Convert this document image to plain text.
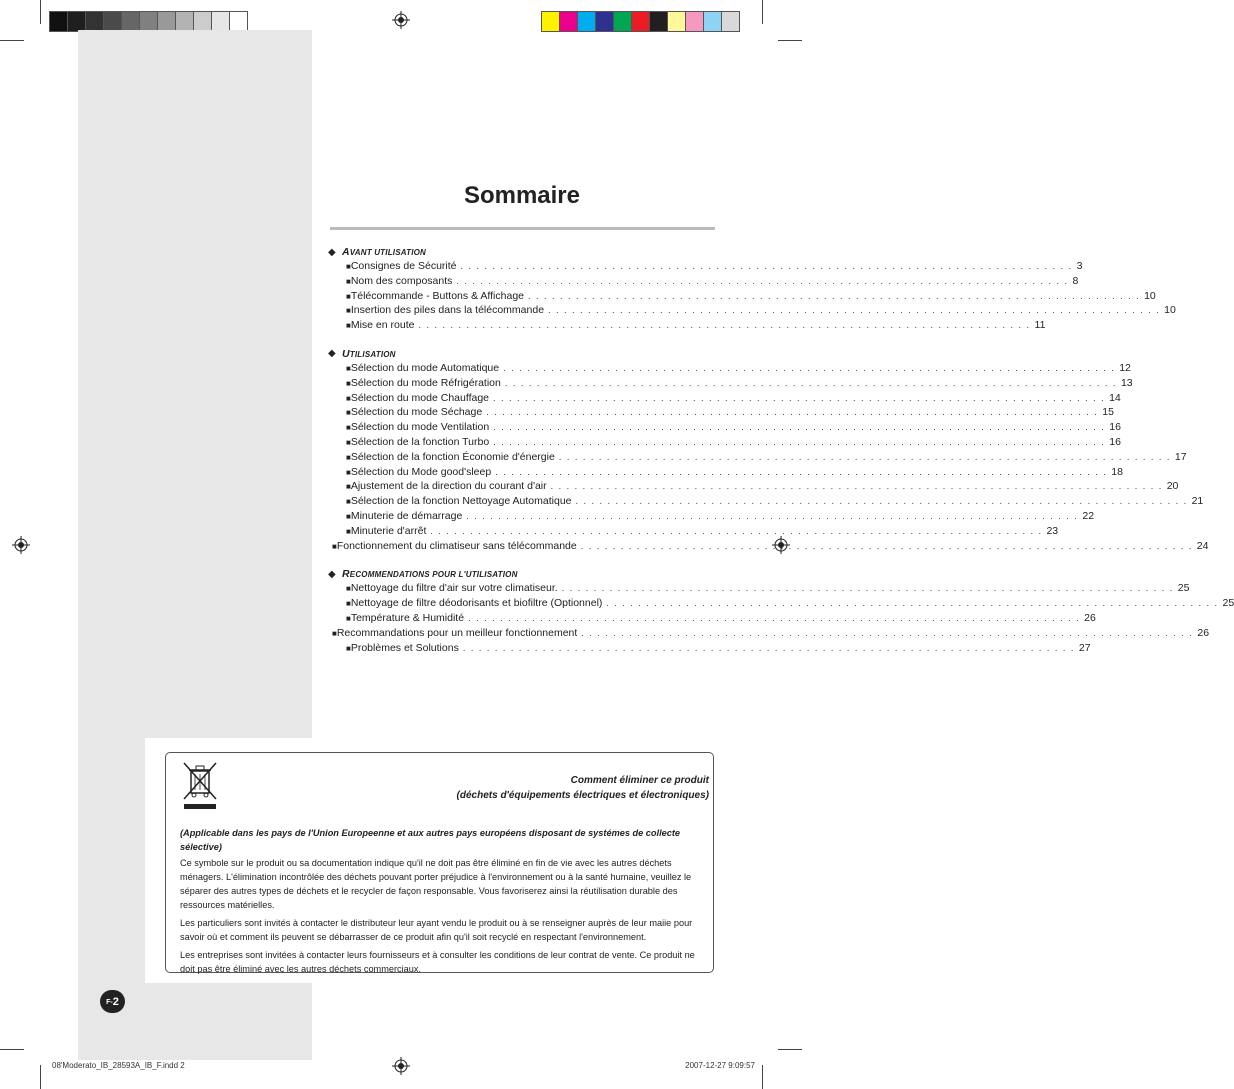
Sommaire
◆ AVANT UTILISATION
■ Consignes de Sécurité . . . . . . . . . . . . . . . . . . . . . . . . . . . . . . . . . . . . . . . . . . . . . . . . . . . . . . . . . . . . . . . . . . . . . . . . . . . . . 3
■ Nom des composants . . . . . . . . . . . . . . . . . . . . . . . . . . . . . . . . . . . . . . . . . . . . . . . . . . . . . . . . . . . . . . . . . . . . . . . . . . . . . 8
■ Télécommande - Buttons & Affichage . . . . . . . . . . . . . . . . . . . . . . . . . . . . . . . . . . . . . . . . . . . . . . . . . . . . . . . . . . . . . . . . . . . . . . . . . . . . . 10
■ Insertion des piles dans la télécommande . . . . . . . . . . . . . . . . . . . . . . . . . . . . . . . . . . . . . . . . . . . . . . . . . . . . . . . . . . . . . . . . . . . . . . . . . . . . . 10
■ Mise en route . . . . . . . . . . . . . . . . . . . . . . . . . . . . . . . . . . . . . . . . . . . . . . . . . . . . . . . . . . . . . . . . . . . . . . . . . . . . . 11
◆ UTILISATION
■ Sélection du mode Automatique . . . . . . . . . . . . . . . . . . . . . . . . . . . . . . . . . . . . . . . . . . . . . . . . . . . . . . . . . . . . . . . . . . . . . . . . . . . . . 12
■ Sélection du mode Réfrigération . . . . . . . . . . . . . . . . . . . . . . . . . . . . . . . . . . . . . . . . . . . . . . . . . . . . . . . . . . . . . . . . . . . . . . . . . . . . . 13
■ Sélection du mode Chauffage . . . . . . . . . . . . . . . . . . . . . . . . . . . . . . . . . . . . . . . . . . . . . . . . . . . . . . . . . . . . . . . . . . . . . . . . . . . . . 14
■ Sélection du mode Séchage . . . . . . . . . . . . . . . . . . . . . . . . . . . . . . . . . . . . . . . . . . . . . . . . . . . . . . . . . . . . . . . . . . . . . . . . . . . . . 15
■ Sélection du mode Ventilation . . . . . . . . . . . . . . . . . . . . . . . . . . . . . . . . . . . . . . . . . . . . . . . . . . . . . . . . . . . . . . . . . . . . . . . . . . . . . 16
■ Sélection de la fonction Turbo . . . . . . . . . . . . . . . . . . . . . . . . . . . . . . . . . . . . . . . . . . . . . . . . . . . . . . . . . . . . . . . . . . . . . . . . . . . . . 16
■ Sélection de la fonction Économie d'énergie . . . . . . . . . . . . . . . . . . . . . . . . . . . . . . . . . . . . . . . . . . . . . . . . . . . . . . . . . . . . . . . . . . . . . . . . . . . . . 17
■ Sélection du Mode good'sleep . . . . . . . . . . . . . . . . . . . . . . . . . . . . . . . . . . . . . . . . . . . . . . . . . . . . . . . . . . . . . . . . . . . . . . . . . . . . . 18
■ Ajustement de la direction du courant d'air . . . . . . . . . . . . . . . . . . . . . . . . . . . . . . . . . . . . . . . . . . . . . . . . . . . . . . . . . . . . . . . . . . . . . . . . . . . . . 20
■ Sélection de la fonction Nettoyage Automatique . . . . . . . . . . . . . . . . . . . . . . . . . . . . . . . . . . . . . . . . . . . . . . . . . . . . . . . . . . . . . . . . . . . . . . . . . . . . . 21
■ Minuterie de démarrage . . . . . . . . . . . . . . . . . . . . . . . . . . . . . . . . . . . . . . . . . . . . . . . . . . . . . . . . . . . . . . . . . . . . . . . . . . . . . 22
■ Minuterie d'arrêt . . . . . . . . . . . . . . . . . . . . . . . . . . . . . . . . . . . . . . . . . . . . . . . . . . . . . . . . . . . . . . . . . . . . . . . . . . . . . 23
■ Fonctionnement du climatiseur sans télécommande . . . . . . . . . . . . . . . . . . . . . . . . . . . . . . . . . . . . . . . . . . . . . . . . . . . . . . . . . . . . . . . . . . . . . . . . . . . . . 24
◆ RECOMMENDATIONS POUR L'UTILISATION
■ Nettoyage du filtre d'air sur votre climatiseur. . . . . . . . . . . . . . . . . . . . . . . . . . . . . . . . . . . . . . . . . . . . . . . . . . . . . . . . . . . . . . . . . . . . . . . . . . . . . . 25
■ Nettoyage de filtre déodorisants et biofiltre (Optionnel) . . . . . . . . . . . . . . . . . . . . . . . . . . . . . . . . . . . . . . . . . . . . . . . . . . . . . . . . . . . . . . . . . . . . . . . . . . . . . 25
■ Température & Humidité . . . . . . . . . . . . . . . . . . . . . . . . . . . . . . . . . . . . . . . . . . . . . . . . . . . . . . . . . . . . . . . . . . . . . . . . . . . . . 26
■ Recommandations pour un meilleur fonctionnement . . . . . . . . . . . . . . . . . . . . . . . . . . . . . . . . . . . . . . . . . . . . . . . . . . . . . . . . . . . . . . . . . . . . . . . . . . . . . 26
■ Problèmes et Solutions . . . . . . . . . . . . . . . . . . . . . . . . . . . . . . . . . . . . . . . . . . . . . . . . . . . . . . . . . . . . . . . . . . . . . . . . . . . . . 27
Comment éliminer ce produit
(déchets d'équipements électriques et électroniques)

(Applicable dans les pays de l'Union Europeenne et aux autres pays européens disposant de systémes de collecte sélective)

Ce symbole sur le produit ou sa documentation indique qu'il ne doit pas être éliminé en fin de vie avec les autres déchets ménagers. L'élimination incontrôlée des déchets pouvant porter préjudice à l'environnement ou à la santé humaine, veuillez le séparer des autres types de déchets et le recycler de façon responsable. Vous favoriserez ainsi la réutilisation durable des ressources matérielles.

Les particuliers sont invités à contacter le distributeur leur ayant vendu le produit ou à se renseigner auprès de leur maiie pour savoir où et comment ils peuvent se débarrasser de ce produit afin qu'il soit recyclé en respectant l'environnement.

Les entreprises sont invitées à contacter leurs fournisseurs et à consulter les conditions de leur contrat de vente. Ce produit ne doit pas être éliminé avec les autres déchets commerciaux.

F- 2
08'Moderato_IB_28593A_IB_F.indd 2	2007-12-27 9:09:57
